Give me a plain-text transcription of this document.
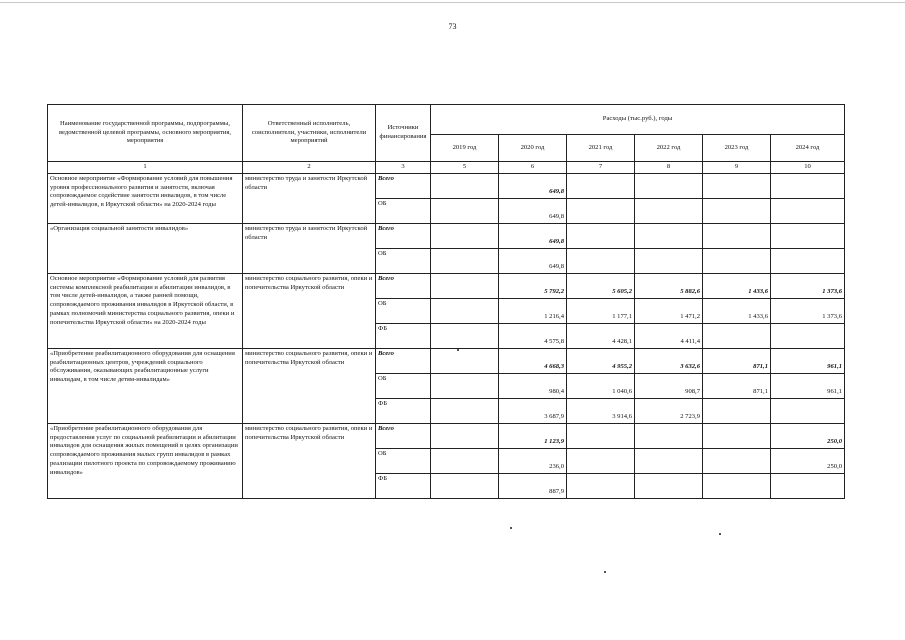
73
Наименование государственной программы, подпрограммы, ведомственной целевой программы, основного мероприятия, мероприятия	Ответственный исполнитель, соисполнители, участники, исполнители мероприятий	Источники финансирования	Расходы (тыс.руб.), годы					
			2019 год	2020 год	2021 год	2022 год	2023 год	2024 год
1	2	3	5	6	7	8	9	10
Основное мероприятие «Формирование условий для повышения уровня профессионального развития и занятости, включая сопровождаемое содействие занятости инвалидов, в том числе детей-инвалидов, в Иркутской области» на 2020-2024 годы	министерство труда и занятости Иркутской области	Всего		649,8				
		ОБ		649,8				
«Организация социальной занятости инвалидов»	министерство труда и занятости Иркутской области	Всего		649,8				
		ОБ		649,8				
Основное мероприятие «Формирование условий для развития системы комплексной реабилитации и абилитации инвалидов, в том числе детей-инвалидов, а также ранней помощи, сопровождаемого проживания инвалидов в Иркутской области, в рамках полномочий министерства социального развития, опеки и попечительства Иркутской области» на 2020-2024 годы	министерство социального развития, опеки и попечительства Иркутской области	Всего		5 792,2	5 605,2	5 882,6	1 433,6	1 373,6
		ОБ		1 216,4	1 177,1	1 471,2	1 433,6	1 373,6
		ФБ		4 575,8	4 428,1	4 411,4		
«Приобретение реабилитационного оборудования для оснащения реабилитационных центров, учреждений социального обслуживания, оказывающих реабилитационные услуги инвалидам, в том числе детям-инвалидам»	министерство социального развития, опеки и попечительства Иркутской области	Всего		4 668,3	4 955,2	3 632,6	871,1	961,1
		ОБ		980,4	1 040,6	908,7	871,1	961,1
		ФБ		3 687,9	3 914,6	2 723,9		
«Приобретение реабилитационного оборудования для предоставления услуг по социальной реабилитации и абилитации инвалидов для оснащения жилых помещений в целях организации сопровождаемого проживания малых групп инвалидов в рамках реализации пилотного проекта по сопровождаемому проживанию инвалидов»	министерство социального развития, опеки и попечительства Иркутской области	Всего		1 123,9				250,0
		ОБ		236,0				250,0
		ФБ		887,9				
